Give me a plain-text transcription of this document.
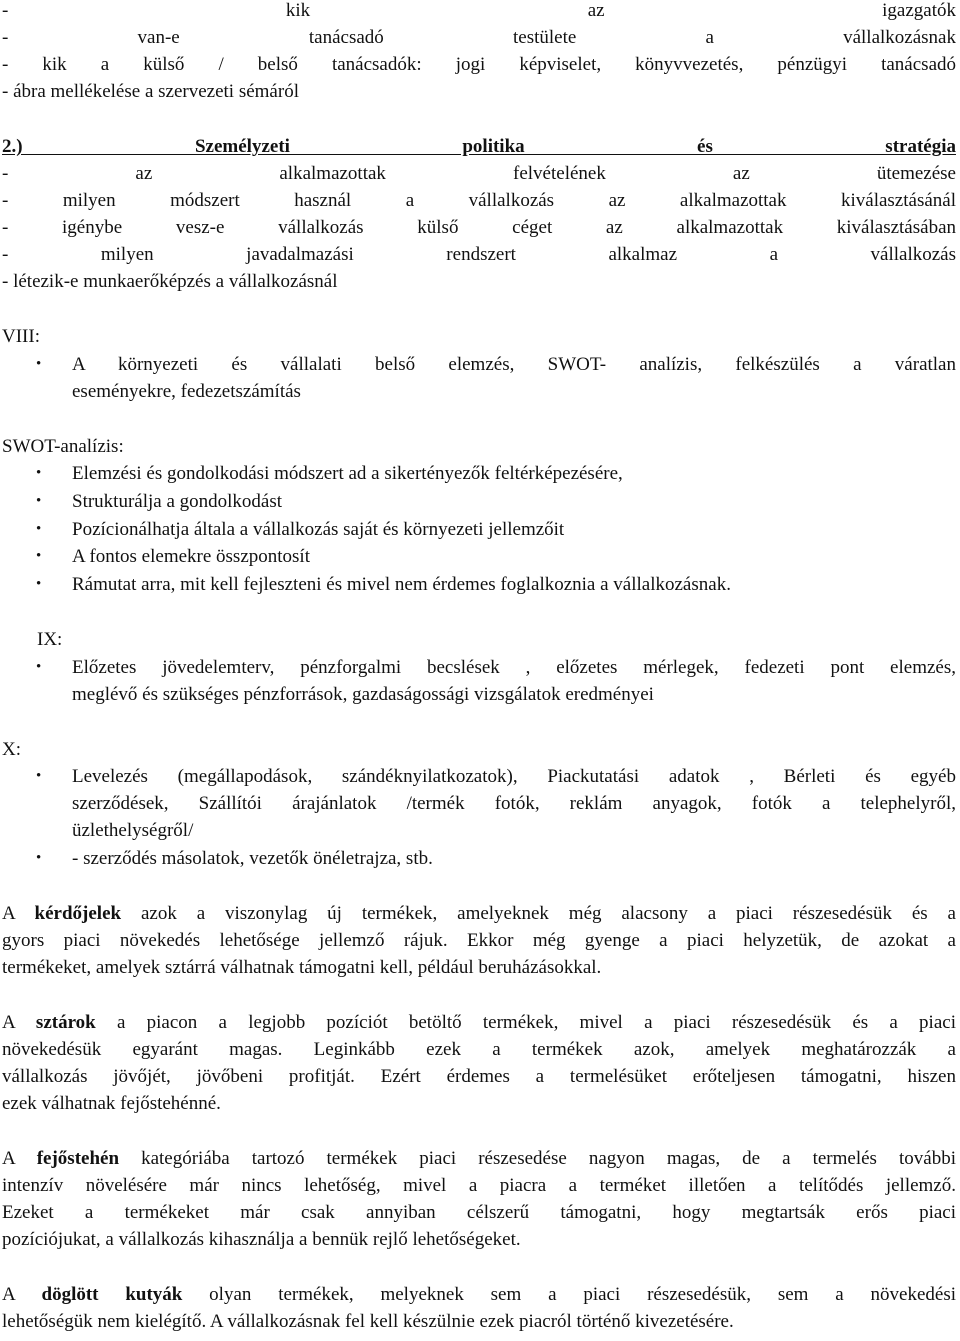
- kik az igazgatók
- van-e tanácsadó testülete a vállalkozásnak
- kik a külső / belső tanácsadók: jogi képviselet, könyvvezetés, pénzügyi tanácsadó
- ábra mellékelése a szervezeti sémáról
2.) Személyzeti politika és stratégia
- az alkalmazottak felvételének az ütemezése
- milyen módszert használ a vállalkozás az alkalmazottak kiválasztásánál
- igénybe vesz-e vállalkozás külső céget az alkalmazottak kiválasztásában
- milyen javadalmazási rendszert alkalmaz a vállalkozás
- létezik-e munkaerőképzés a vállalkozásnál
VIII:
• A környezeti és vállalati belső elemzés, SWOT- analízis, felkészülés a váratlan
eseményekre, fedezetszámítás
SWOT-analízis:
• Elemzési és gondolkodási módszert ad a sikertényezők feltérképezésére,
• Strukturálja a gondolkodást
• Pozícionálhatja általa a vállalkozás saját és környezeti jellemzőit
• A fontos elemekre összpontosít
• Rámutat arra, mit kell fejleszteni és mivel nem érdemes foglalkoznia a vállalkozásnak.
IX:
• Előzetes jövedelemterv, pénzforgalmi becslések , előzetes mérlegek, fedezeti pont elemzés,
meglévő és szükséges pénzforrások, gazdaságossági vizsgálatok eredményei
X:
• Levelezés (megállapodások, szándéknyilatkozatok), Piackutatási adatok , Bérleti és egyéb
szerződések, Szállítói árajánlatok /termék fotók, reklám anyagok, fotók a telephelyről,
üzlethelységről/
• - szerződés másolatok, vezetők önéletrajza, stb.
A kérdőjelek azok a viszonylag új termékek, amelyeknek még alacsony a piaci részesedésük és a
gyors piaci növekedés lehetősége jellemző rájuk. Ekkor még gyenge a piaci helyzetük, de azokat a
termékeket, amelyek sztárrá válhatnak támogatni kell, például beruházásokkal.
A sztárok a piacon a legjobb pozíciót betöltő termékek, mivel a piaci részesedésük és a piaci
növekedésük egyaránt magas. Leginkább ezek a termékek azok, amelyek meghatározzák a
vállalkozás jövőjét, jövőbeni profitját. Ezért érdemes a termelésüket erőteljesen támogatni, hiszen
ezek válhatnak fejőstehénné.
A fejőstehén kategóriába tartozó termékek piaci részesedése nagyon magas, de a termelés további
intenzív növelésére már nincs lehetőség, mivel a piacra a terméket illetően a telítődés jellemző.
Ezeket a termékeket már csak annyiban célszerű támogatni, hogy megtartsák erős piaci
pozíciójukat, a vállalkozás kihasználja a bennük rejlő lehetőségeket.
A döglött kutyák olyan termékek, melyeknek sem a piaci részesedésük, sem a növekedési
lehetőségük nem kielégítő. A vállalkozásnak fel kell készülnie ezek piacról történő kivezetésére.
